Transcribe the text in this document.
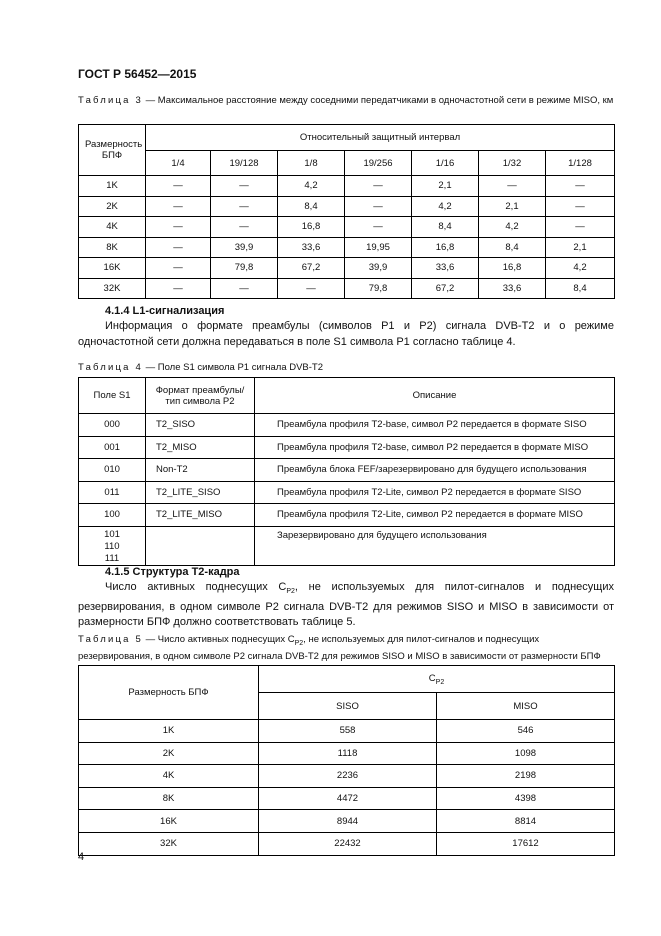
ГОСТ Р 56452—2015
Таблица 3 — Максимальное расстояние между соседними передатчиками в одночастотной сети в режиме MISO, км
Размерность БПФ	Относительный защитный интервал						
	1/4	19/128	1/8	19/256	1/16	1/32	1/128
1K	—	—	4,2	—	2,1	—	—
2K	—	—	8,4	—	4,2	2,1	—
4K	—	—	16,8	—	8,4	4,2	—
8K	—	39,9	33,6	19,95	16,8	8,4	2,1
16K	—	79,8	67,2	39,9	33,6	16,8	4,2
32K	—	—	—	79,8	67,2	33,6	8,4
4.1.4 L1-сигнализация
Информация о формате преамбулы (символов P1 и P2) сигнала DVB-T2 и о режиме одночастотной сети должна передаваться в поле S1 символа P1 согласно таблице 4.
Таблица 4 — Поле S1 символа P1 сигнала DVB-T2
Поле S1	Формат преамбулы/тип символа P2	Описание
000	T2_SISO	Преамбула профиля T2-base, символ P2 передается в формате SISO
001	T2_MISO	Преамбула профиля T2-base, символ P2 передается в формате MISO
010	Non-T2	Преамбула блока FEF/зарезервировано для будущего использования
011	T2_LITE_SISO	Преамбула профиля T2-Lite, символ P2 передается в формате SISO
100	T2_LITE_MISO	Преамбула профиля T2-Lite, символ P2 передается в формате MISO

101
110
111		Зарезервировано для будущего использования
4.1.5 Структура T2-кадра
Число активных поднесущих $C_{P2}$, не используемых для пилот-сигналов и поднесущих резервирования, в одном символе P2 сигнала DVB-T2 для режимов SISO и MISO в зависимости от размерности БПФ должно соответствовать таблице 5.
Таблица 5 — Число активных поднесущих $C_{P2}$, не используемых для пилот-сигналов и поднесущих резервирования, в одном символе P2 сигнала DVB-T2 для режимов SISO и MISO в зависимости от размерности БПФ
Размерность БПФ	$C_{P2}$
	SISO	MISO
1K	558	546
2K	1118	1098
4K	2236	2198
8K	4472	4398
16K	8944	8814
32K	22432	17612
4
